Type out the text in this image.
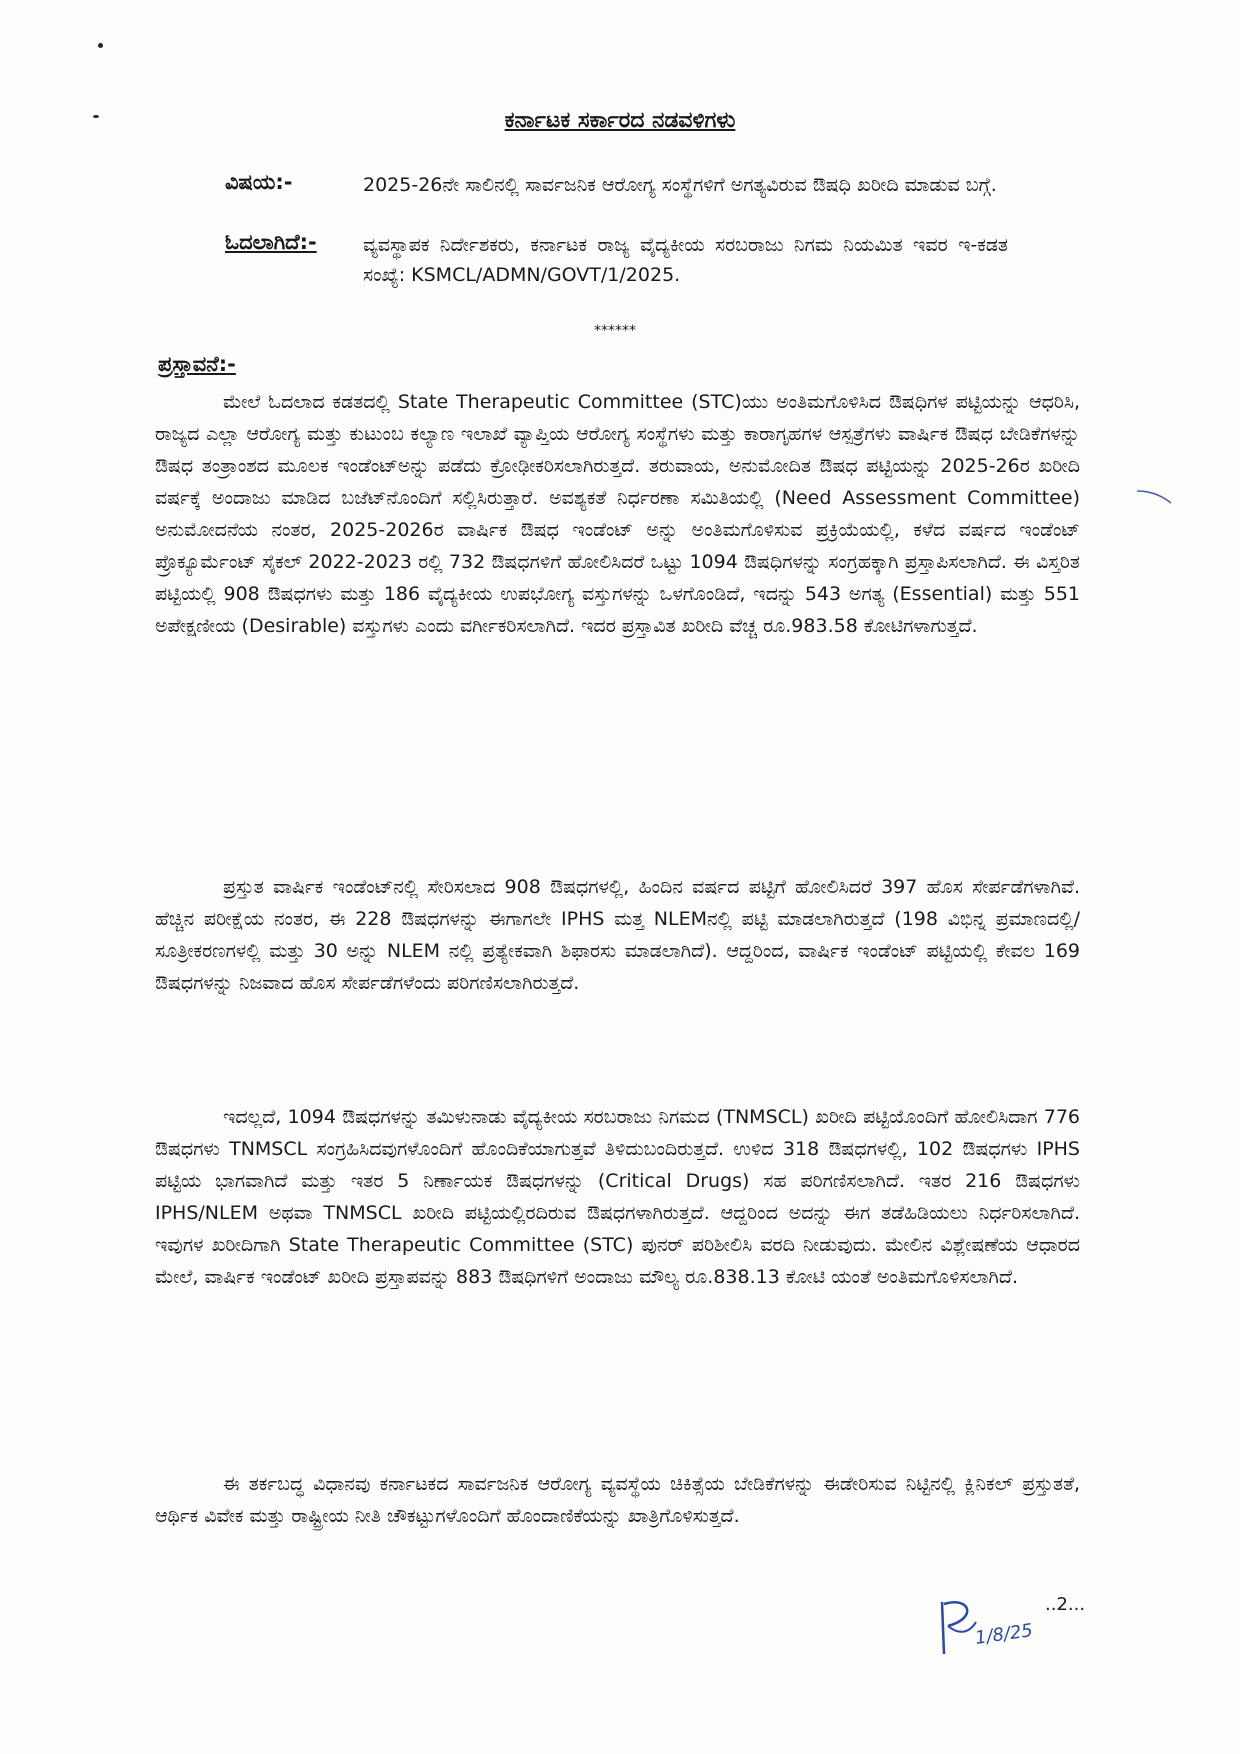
ಕರ್ನಾಟಕ ಸರ್ಕಾರದ ನಡವಳಿಗಳು
ವಿಷಯ:-	2025-26ನೇ ಸಾಲಿನಲ್ಲಿ ಸಾರ್ವಜನಿಕ ಆರೋಗ್ಯ ಸಂಸ್ಥೆಗಳಿಗೆ ಅಗತ್ಯವಿರುವ ಔಷಧಿ ಖರೀದಿ ಮಾಡುವ ಬಗ್ಗೆ.
ಓದಲಾಗಿದೆ:- ವ್ಯವಸ್ಥಾಪಕ ನಿರ್ದೇಶಕರು, ಕರ್ನಾಟಕ ರಾಜ್ಯ ವೈದ್ಯಕೀಯ ಸರಬರಾಜು ನಿಗಮ ನಿಯಮಿತ ಇವರ ಇ-ಕಡತ ಸಂಖ್ಯೆ: KSMCL/ADMN/GOVT/1/2025.
******
ಪ್ರಸ್ತಾವನೆ:-
ಮೇಲೆ ಓದಲಾದ ಕಡತದಲ್ಲಿ State Therapeutic Committee (STC)ಯು ಅಂತಿಮಗೊಳಿಸಿದ ಔಷಧಿಗಳ ಪಟ್ಟಿಯನ್ನು ಆಧರಿಸಿ, ರಾಜ್ಯದ ಎಲ್ಲಾ ಆರೋಗ್ಯ ಮತ್ತು ಕುಟುಂಬ ಕಲ್ಯಾಣ ಇಲಾಖೆ ವ್ಯಾಪ್ತಿಯ ಆರೋಗ್ಯ ಸಂಸ್ಥೆಗಳು ಮತ್ತು ಕಾರಾಗೃಹಗಳ ಆಸ್ಪತ್ರೆಗಳು ವಾರ್ಷಿಕ ಔಷಧ ಬೇಡಿಕೆಗಳನ್ನು ಔಷಧ ತಂತ್ರಾಂಶದ ಮೂಲಕ ಇಂಡೆಂಟ್‌ಅನ್ನು ಪಡೆದು ಕ್ರೋಢೀಕರಿಸಲಾಗಿರುತ್ತದೆ. ತರುವಾಯ, ಅನುಮೋದಿತ ಔಷಧ ಪಟ್ಟಿಯನ್ನು 2025-26ರ ಖರೀದಿ ವರ್ಷಕ್ಕೆ ಅಂದಾಜು ಮಾಡಿದ ಬಜೆಟ್‌ನೊಂದಿಗೆ ಸಲ್ಲಿಸಿರುತ್ತಾರೆ. ಅವಶ್ಯಕತೆ ನಿರ್ಧರಣಾ ಸಮಿತಿಯಲ್ಲಿ (Need Assessment Committee) ಅನುಮೋದನೆಯ ನಂತರ, 2025-2026ರ ವಾರ್ಷಿಕ ಔಷಧ ಇಂಡೆಂಟ್ ಅನ್ನು ಅಂತಿಮಗೊಳಿಸುವ ಪ್ರಕ್ರಿಯೆಯಲ್ಲಿ, ಕಳೆದ ವರ್ಷದ ಇಂಡೆಂಟ್ ಪ್ರೊಕ್ಯೂರ್ಮೆಂಟ್ ಸೈಕಲ್ 2022-2023 ರಲ್ಲಿ 732 ಔಷಧಗಳಿಗೆ ಹೋಲಿಸಿದರೆ ಒಟ್ಟು 1094 ಔಷಧಿಗಳನ್ನು ಸಂಗ್ರಹಕ್ಕಾಗಿ ಪ್ರಸ್ತಾಪಿಸಲಾಗಿದೆ. ಈ ವಿಸ್ತರಿತ ಪಟ್ಟಿಯಲ್ಲಿ 908 ಔಷಧಗಳು ಮತ್ತು 186 ವೈದ್ಯಕೀಯ ಉಪಭೋಗ್ಯ ವಸ್ತುಗಳನ್ನು ಒಳಗೊಂಡಿದೆ, ಇದನ್ನು 543 ಅಗತ್ಯ (Essential) ಮತ್ತು 551 ಅಪೇಕ್ಷಣೀಯ (Desirable) ವಸ್ತುಗಳು ಎಂದು ವರ್ಗೀಕರಿಸಲಾಗಿದೆ. ಇದರ ಪ್ರಸ್ತಾವಿತ ಖರೀದಿ ವೆಚ್ಚ ರೂ.983.58 ಕೋಟಿಗಳಾಗುತ್ತದೆ.
ಪ್ರಸ್ತುತ ವಾರ್ಷಿಕ ಇಂಡೆಂಟ್‌ನಲ್ಲಿ ಸೇರಿಸಲಾದ 908 ಔಷಧಗಳಲ್ಲಿ, ಹಿಂದಿನ ವರ್ಷದ ಪಟ್ಟಿಗೆ ಹೋಲಿಸಿದರೆ 397 ಹೊಸ ಸೇರ್ಪಡೆಗಳಾಗಿವೆ. ಹೆಚ್ಚಿನ ಪರೀಕ್ಷೆಯ ನಂತರ, ಈ 228 ಔಷಧಗಳನ್ನು ಈಗಾಗಲೇ IPHS ಮತ್ತ NLEMನಲ್ಲಿ ಪಟ್ಟಿ ಮಾಡಲಾಗಿರುತ್ತದೆ (198 ವಿಭಿನ್ನ ಪ್ರಮಾಣದಲ್ಲಿ/ಸೂತ್ರೀಕರಣಗಳಲ್ಲಿ ಮತ್ತು 30 ಅನ್ನು NLEM ನಲ್ಲಿ ಪ್ರತ್ಯೇಕವಾಗಿ ಶಿಫಾರಸು ಮಾಡಲಾಗಿದೆ). ಆದ್ದರಿಂದ, ವಾರ್ಷಿಕ ಇಂಡೆಂಟ್ ಪಟ್ಟಿಯಲ್ಲಿ ಕೇವಲ 169 ಔಷಧಗಳನ್ನು ನಿಜವಾದ ಹೊಸ ಸೇರ್ಪಡೆಗಳೆಂದು ಪರಿಗಣಿಸಲಾಗಿರುತ್ತದೆ.
ಇದಲ್ಲದೆ, 1094 ಔಷಧಗಳನ್ನು ತಮಿಳುನಾಡು ವೈದ್ಯಕೀಯ ಸರಬರಾಜು ನಿಗಮದ (TNMSCL) ಖರೀದಿ ಪಟ್ಟಿಯೊಂದಿಗೆ ಹೋಲಿಸಿದಾಗ 776 ಔಷಧಗಳು TNMSCL ಸಂಗ್ರಹಿಸಿದವುಗಳೊಂದಿಗೆ ಹೊಂದಿಕೆಯಾಗುತ್ತವೆ ತಿಳಿದುಬಂದಿರುತ್ತದೆ. ಉಳಿದ 318 ಔಷಧಗಳಲ್ಲಿ, 102 ಔಷಧಗಳು IPHS ಪಟ್ಟಿಯ ಭಾಗವಾಗಿದೆ ಮತ್ತು ಇತರ 5 ನಿರ್ಣಾಯಕ ಔಷಧಗಳನ್ನು (Critical Drugs) ಸಹ ಪರಿಗಣಿಸಲಾಗಿದೆ. ಇತರ 216 ಔಷಧಗಳು IPHS/NLEM ಅಥವಾ TNMSCL ಖರೀದಿ ಪಟ್ಟಿಯಲ್ಲಿರದಿರುವ ಔಷಧಗಳಾಗಿರುತ್ತದೆ. ಆದ್ದರಿಂದ ಅದನ್ನು ಈಗ ತಡೆಹಿಡಿಯಲು ನಿರ್ಧರಿಸಲಾಗಿದೆ. ಇವುಗಳ ಖರೀದಿಗಾಗಿ State Therapeutic Committee (STC) ಪುನರ್ ಪರಿಶೀಲಿಸಿ ವರದಿ ನೀಡುವುದು. ಮೇಲಿನ ವಿಶ್ಲೇಷಣೆಯ ಆಧಾರದ ಮೇಲೆ, ವಾರ್ಷಿಕ ಇಂಡೆಂಟ್ ಖರೀದಿ ಪ್ರಸ್ತಾಪವನ್ನು 883 ಔಷಧಿಗಳಿಗೆ ಅಂದಾಜು ಮೌಲ್ಯ ರೂ.838.13 ಕೋಟಿ ಯಂತೆ ಅಂತಿಮಗೊಳಿಸಲಾಗಿದೆ.
ಈ ತರ್ಕಬದ್ಧ ವಿಧಾನವು ಕರ್ನಾಟಕದ ಸಾರ್ವಜನಿಕ ಆರೋಗ್ಯ ವ್ಯವಸ್ಥೆಯ ಚಿಕಿತ್ಸೆಯ ಬೇಡಿಕೆಗಳನ್ನು ಈಡೇರಿಸುವ ನಿಟ್ಟಿನಲ್ಲಿ ಕ್ಲಿನಿಕಲ್ ಪ್ರಸ್ತುತತೆ, ಆರ್ಥಿಕ ವಿವೇಕ ಮತ್ತು ರಾಷ್ಟ್ರೀಯ ನೀತಿ ಚೌಕಟ್ಟುಗಳೊಂದಿಗೆ ಹೊಂದಾಣಿಕೆಯನ್ನು ಖಾತ್ರಿಗೊಳಿಸುತ್ತದೆ.
1/8/25
..2...
